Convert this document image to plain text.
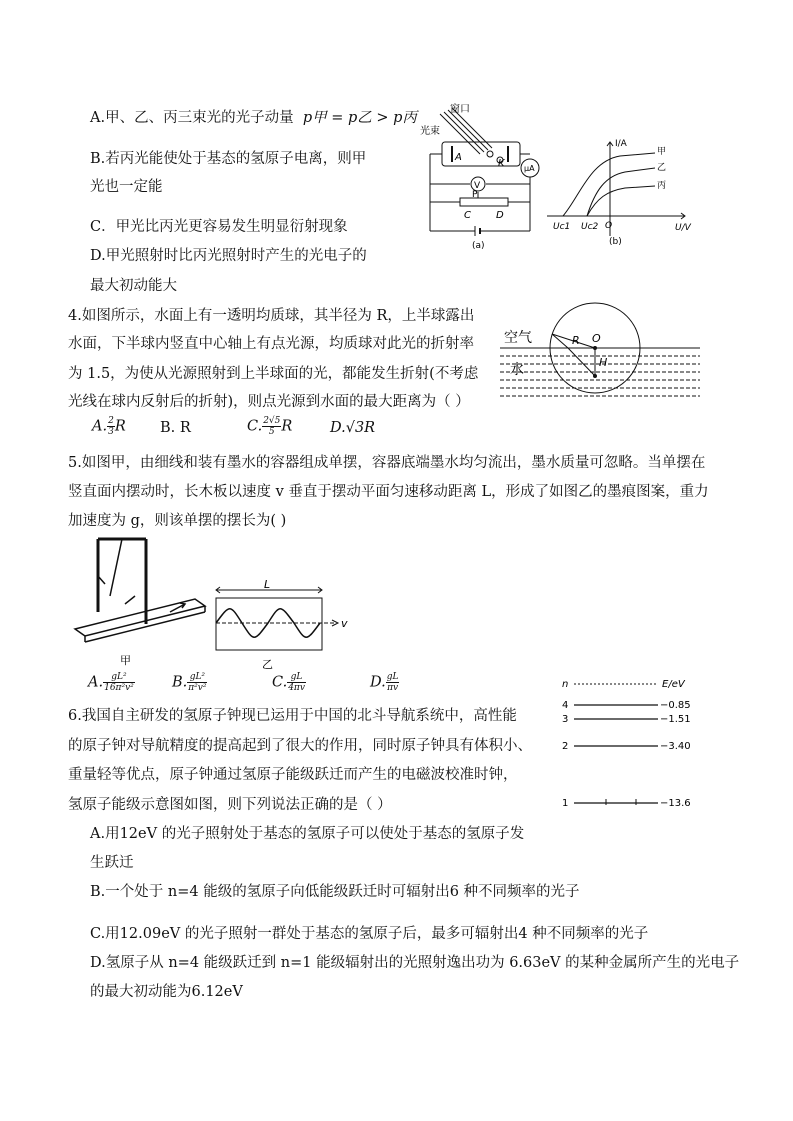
A.甲、乙、丙三束光的光子动量 p甲 = p乙 > p丙
B.若丙光能使处于基态的氢原子电离，则甲
光也一定能
C．甲光比丙光更容易发生明显衍射现象
D.甲光照射时比丙光照射时产生的光电子的
最大初动能大
窗口
光束
A
K μA
V
P
C	D
(a)
I/A
U/V
O
Uc1 Uc2
甲
乙
丙
(b)
4.如图所示，水面上有一透明均质球，其半径为 R，上半球露出
水面，下半球内竖直中心轴上有点光源，均质球对此光的折射率
为 1.5，为使从光源照射到上半球面的光，都能发生折射(不考虑
光线在球内反射后的折射)，则点光源到水面的最大距离为（ ）
A. $\frac{2}{3}$ R B. R	C. $\frac{2√5}{5}$ R	D.√3R
空气
水
R O
H
5.如图甲，由细线和装有墨水的容器组成单摆，容器底端墨水均匀流出，墨水质量可忽略。当单摆在
竖直面内摆动时，长木板以速度 v 垂直于摆动平面匀速移动距离 L，形成了如图乙的墨痕图案，重力
加速度为 g，则该单摆的摆长为( )
甲
L
v
乙
A. $\frac{\text{gL²}}{\text{16π²v²}}$	B. $\frac{\text{gL²}}{\text{π²v²}}$	C. $\frac{gL}{4\pi v}$	D. $\frac{gL}{\pi v}$	n	E/eV
4	−0.85
3	−1.51
2	−3.40
1	−13.6
6.我国自主研发的氢原子钟现已运用于中国的北斗导航系统中，高性能
的原子钟对导航精度的提高起到了很大的作用，同时原子钟具有体积小、
重量轻等优点，原子钟通过氢原子能级跃迁而产生的电磁波校准时钟，
氢原子能级示意图如图，则下列说法正确的是（ ）
A.用12eV 的光子照射处于基态的氢原子可以使处于基态的氢原子发
生跃迁
B.一个处于 n=4 能级的氢原子向低能级跃迁时可辐射出6 种不同频率的光子
C.用12.09eV 的光子照射一群处于基态的氢原子后，最多可辐射出4 种不同频率的光子
D.氢原子从 n=4 能级跃迁到 n=1 能级辐射出的光照射逸出功为 6.63eV 的某种金属所产生的光电子
的最大初动能为6.12eV
